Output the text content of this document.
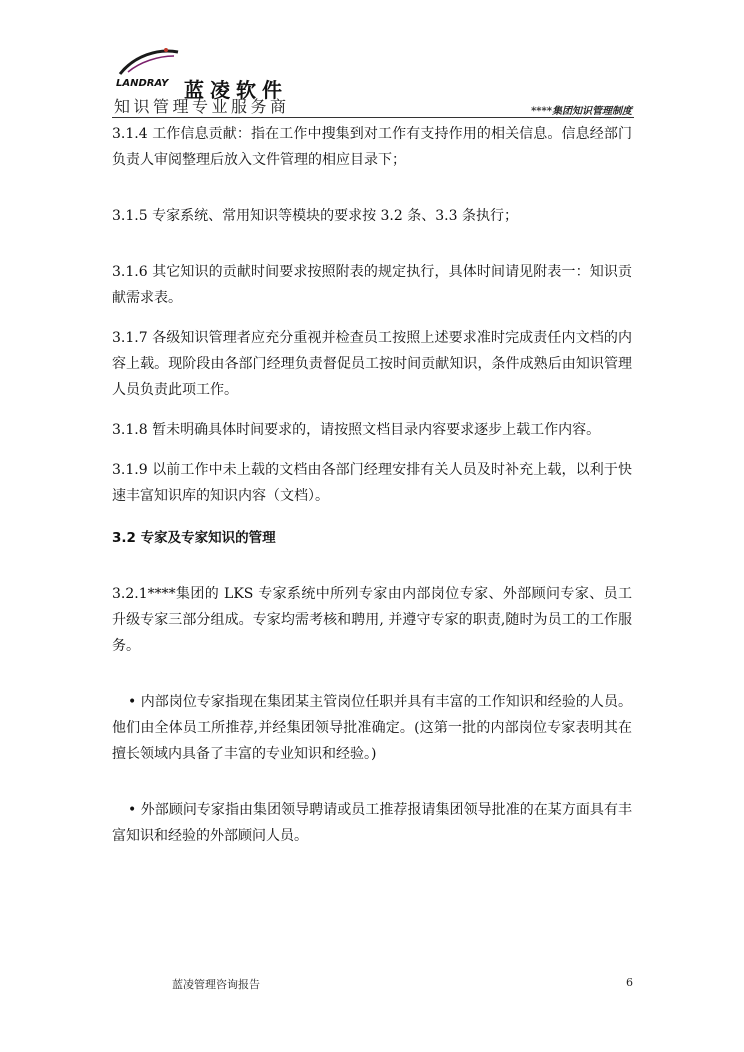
LANDRAY 蓝凌软件
知识管理专业服务商	****集团知识管理制度

3.1.4 工作信息贡献：指在工作中搜集到对工作有支持作用的相关信息。信息经部门负责人审阅整理后放入文件管理的相应目录下；

3.1.5 专家系统、常用知识等模块的要求按 3.2 条、3.3 条执行；

3.1.6 其它知识的贡献时间要求按照附表的规定执行，具体时间请见附表一：知识贡献需求表。

3.1.7 各级知识管理者应充分重视并检查员工按照上述要求准时完成责任内文档的内容上载。现阶段由各部门经理负责督促员工按时间贡献知识，条件成熟后由知识管理人员负责此项工作。

3.1.8 暂未明确具体时间要求的，请按照文档目录内容要求逐步上载工作内容。

3.1.9 以前工作中未上载的文档由各部门经理安排有关人员及时补充上载，以利于快速丰富知识库的知识内容（文档）。

3.2 专家及专家知识的管理

3.2.1****集团的 LKS 专家系统中所列专家由内部岗位专家、外部顾问专家、员工升级专家三部分组成。专家均需考核和聘用, 并遵守专家的职责,随时为员工的工作服务。

• 内部岗位专家指现在集团某主管岗位任职并具有丰富的工作知识和经验的人员。他们由全体员工所推荐,并经集团领导批准确定。(这第一批的内部岗位专家表明其在擅长领域内具备了丰富的专业知识和经验。)

• 外部顾问专家指由集团领导聘请或员工推荐报请集团领导批准的在某方面具有丰富知识和经验的外部顾问人员。

蓝凌管理咨询报告	6
